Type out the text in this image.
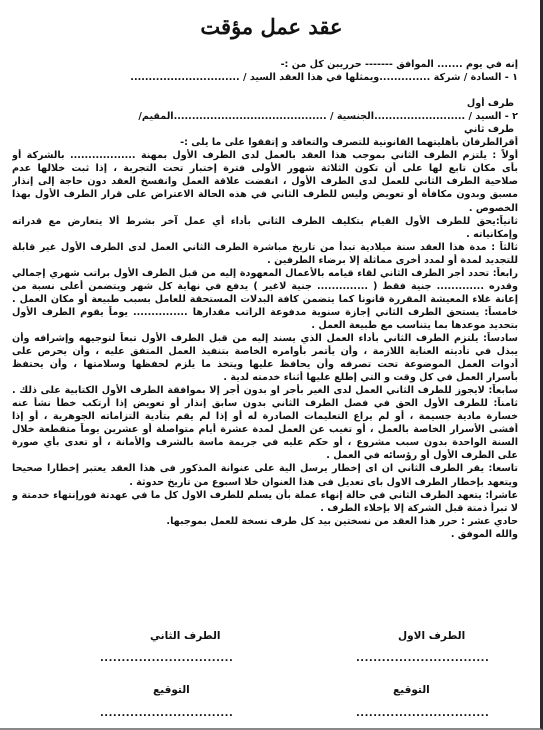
عقد عمل مؤقت
إنه في يوم ....... الموافق ------- حرريبن كل من :-
١ - السادة / شركة ..............ويمثلها في هذا العقد السيد / ..............................
طرف أول
٢ - السيد / .........................الجنسية / ..........................................المقيم/
طرف ثاني
أقرالطرفان بأهليتهما القانونية للتصرف والتعاقد و إتفقوا على ما يلى :-
أولاً : يلتزم الطرف الثاني بموجب هذا العقد بالعمل لدى الطرف الأول بمهنة .................. بالشركة أو
بأى مكان تابع لها على أن تكون الثلاثة شهور الأولى فترة إختبار تحت التجربة ، إذا ثبت خلالها عدم
صلاحية الطرف الثاني للعمل لدى الطرف الأول ، انفضت علاقة العمل وانفسخ العقد دون حاجة إلى إنذار
مسبق وبدون مكافأة أو تعويض وليس للطرف الثاني في هذه الحالة الاعتراض على قرار الطرف الأول بهذا
الخصوص .
ثانياً:يحق للطرف الأول القيام بتكليف الطرف الثاني بأداء أي عمل آخر بشرط ألا يتعارض مع قدراته
وإمكانياته .
ثالثاً : مدة هذا العقد سنة ميلادية تبدأ من تاريخ مباشرة الطرف الثاني العمل لدى الطرف الأول غير قابلة
للتجديد لمدة أو لمدد أخرى مماثلة إلا برضاء الطرفين .
رابعاً: تحدد أجر الطرف الثاني لقاء قيامه بالأعمال المعهودة إليه من قبل الطرف الأول براتب شهري إجمالي
وقدره ............. جنية فقط ( .............. جنية لاغير ) يدفع في نهاية كل شهر ويتضمن أعلى نسبة من
إعانة غلاء المعيشة المقررة قانونا كما يتضمن كافة البدلات المستحقة للعامل بسبب طبيعة أو مكان العمل .
خامساً: يستحق الطرف الثاني إجازة سنوية مدفوعة الراتب مقدارها ............... يوماً يقوم الطرف الأول
بتحديد موعدها بما يتناسب مع طبيعة العمل .
سادساً: يلتزم الطرف الثاني بأداء العمل الذي يسند إليه من قبل الطرف الأول تبعاً لتوجيهه وإشرافه وأن
يبذل في تأديته العناية اللازمة ، وأن يأتمر بأوامره الخاصة بتنفيذ العمل المتفق عليه ، وأن يحرص على
أدوات العمل الموضوعة تحت تصرفه وأن يحافظ عليها ويتخذ ما يلزم لحفظها وسلامتها ، وأن يحتفظ
بأسرار العمل في كل وقت و التي إطلع عليها أثناء خدمته لدية .
سابعاً: لايجوز للطرف الثاني العمل لدى الغير بأجر او بدون أجر إلا بموافقة الطرف الأول الكتابية على ذلك .
ثامناً: للطرف الأول الحق في فصل الطرف الثاني بدون سابق إنذار أو تعويض إذا أرتكب خطأ نشأ عنه
خسارة مادية جسيمة ، أو لم يراع التعليمات الصادرة له أو إذا لم يقم بتأدية التزاماته الجوهرية ، أو إذا
أفشى الأسرار الخاصة بالعمل ، أو تغيب عن العمل لمدة عشرة أيام متواصلة أو عشرين يوماً متقطعة خلال
السنة الواحدة بدون سبب مشروع ، أو حكم عليه في جريمة ماسة بالشرف والأمانة ، أو تعدى بأي صورة
على الطرف الأول أو رؤسائه في العمل .
تاسعا: يقر الطرف الثاني ان اى إخطار يرسل الية على عنوانة المذكور فى هذا العقد يعتبر إخطارا صحيحا
ويتعهد بإخطار الطرف الاول باى تعديل فى هذا العنوان خلا اسبوع من تاريخ حدوثة .
عاشرا: يتعهد الطرف الثاني في حالة إنهاء عملة بأن يسلم للطرف الاول كل ما في عهدتة فورإنتهاء خدمتة و
لا تبرأ ذمتة قبل الشركة إلا بإخلاء الطرف .
حادي عشر : حرر هذا العقد من نسختين بيد كل طرف نسخة للعمل بموجبها.
والله الموفق .
الطرف الاول
الطرف الثاني
...............................
...............................
التوقيع
التوقيع
...............................
...............................
